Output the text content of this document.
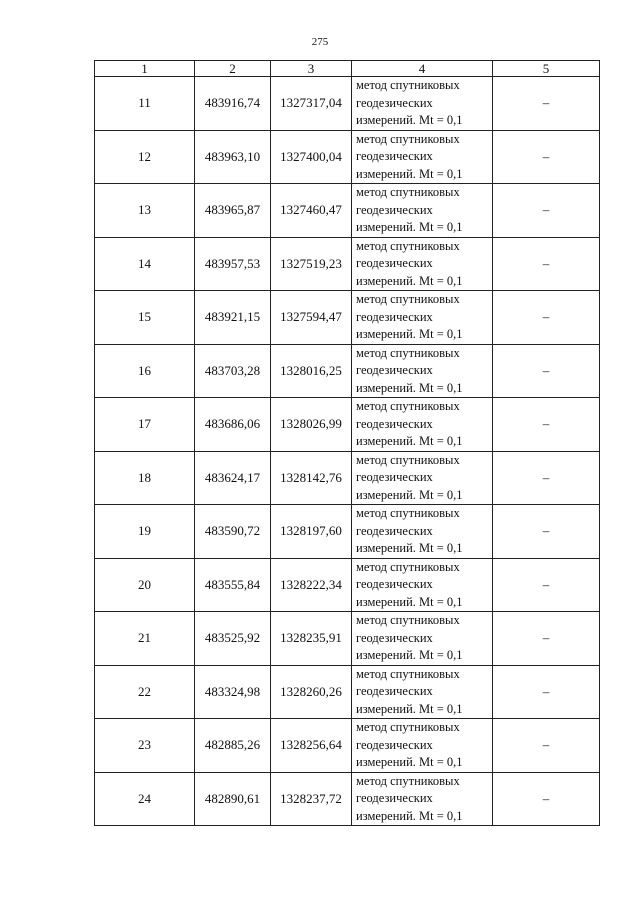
275
1	2	3	4	5
11	483916,74	1327317,04	метод спутниковых
геодезических
измерений. Mt = 0,1	–
12	483963,10	1327400,04	метод спутниковых
геодезических
измерений. Mt = 0,1	–
13	483965,87	1327460,47	метод спутниковых
геодезических
измерений. Mt = 0,1	–
14	483957,53	1327519,23	метод спутниковых
геодезических
измерений. Mt = 0,1	–
15	483921,15	1327594,47	метод спутниковых
геодезических
измерений. Mt = 0,1	–
16	483703,28	1328016,25	метод спутниковых
геодезических
измерений. Mt = 0,1	–
17	483686,06	1328026,99	метод спутниковых
геодезических
измерений. Mt = 0,1	–
18	483624,17	1328142,76	метод спутниковых
геодезических
измерений. Mt = 0,1	–
19	483590,72	1328197,60	метод спутниковых
геодезических
измерений. Mt = 0,1	–
20	483555,84	1328222,34	метод спутниковых
геодезических
измерений. Mt = 0,1	–
21	483525,92	1328235,91	метод спутниковых
геодезических
измерений. Mt = 0,1	–
22	483324,98	1328260,26	метод спутниковых
геодезических
измерений. Mt = 0,1	–
23	482885,26	1328256,64	метод спутниковых
геодезических
измерений. Mt = 0,1	–
24	482890,61	1328237,72	метод спутниковых
геодезических
измерений. Mt = 0,1	–
